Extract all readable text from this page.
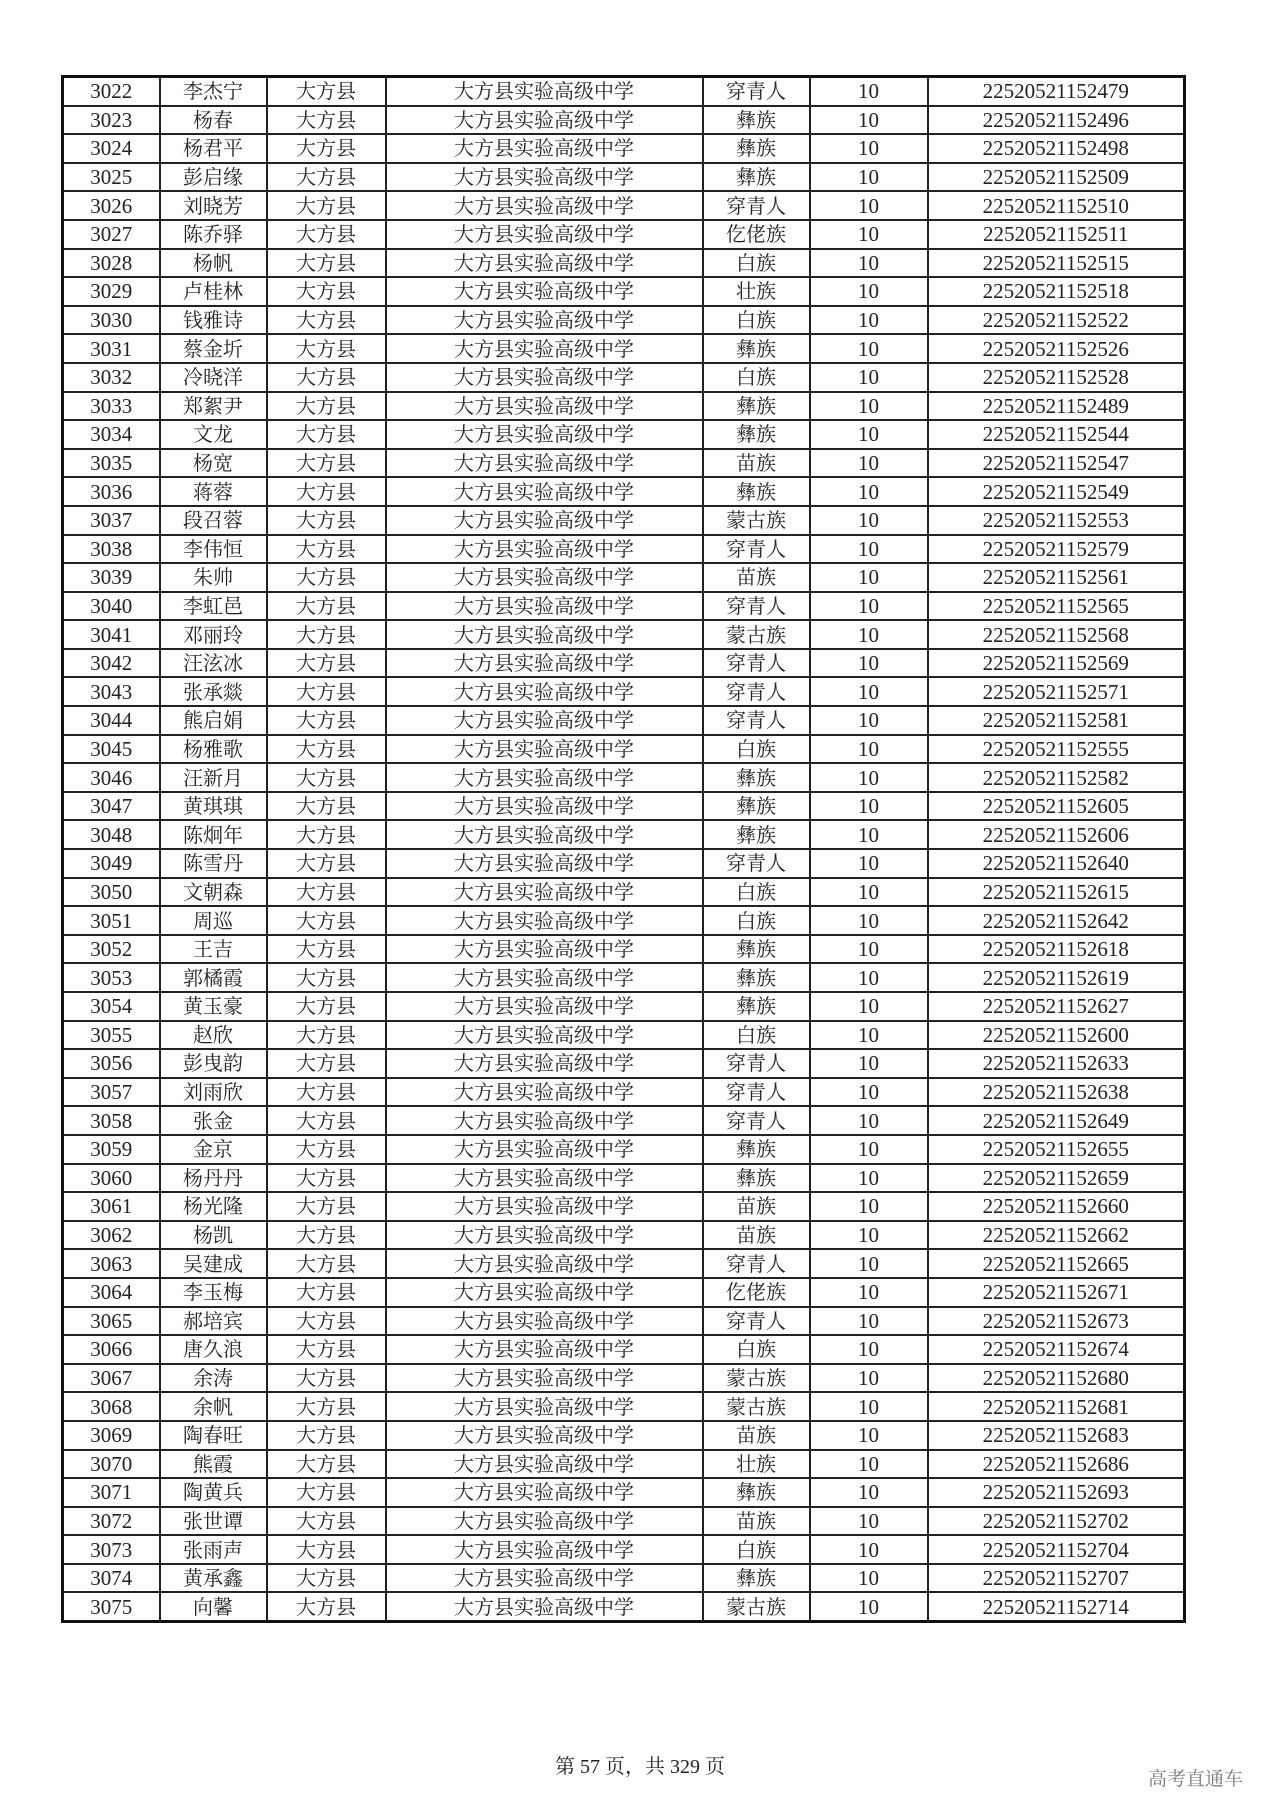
3022	李杰宁	大方县	大方县实验高级中学	穿青人	10	22520521152479
3023	杨春	大方县	大方县实验高级中学	彝族	10	22520521152496
3024	杨君平	大方县	大方县实验高级中学	彝族	10	22520521152498
3025	彭启缘	大方县	大方县实验高级中学	彝族	10	22520521152509
3026	刘晓芳	大方县	大方县实验高级中学	穿青人	10	22520521152510
3027	陈乔驿	大方县	大方县实验高级中学	仡佬族	10	22520521152511
3028	杨帆	大方县	大方县实验高级中学	白族	10	22520521152515
3029	卢桂林	大方县	大方县实验高级中学	壮族	10	22520521152518
3030	钱雅诗	大方县	大方县实验高级中学	白族	10	22520521152522
3031	蔡金圻	大方县	大方县实验高级中学	彝族	10	22520521152526
3032	冷晓洋	大方县	大方县实验高级中学	白族	10	22520521152528
3033	郑絮尹	大方县	大方县实验高级中学	彝族	10	22520521152489
3034	文龙	大方县	大方县实验高级中学	彝族	10	22520521152544
3035	杨宽	大方县	大方县实验高级中学	苗族	10	22520521152547
3036	蒋蓉	大方县	大方县实验高级中学	彝族	10	22520521152549
3037	段召蓉	大方县	大方县实验高级中学	蒙古族	10	22520521152553
3038	李伟恒	大方县	大方县实验高级中学	穿青人	10	22520521152579
3039	朱帅	大方县	大方县实验高级中学	苗族	10	22520521152561
3040	李虹邑	大方县	大方县实验高级中学	穿青人	10	22520521152565
3041	邓丽玲	大方县	大方县实验高级中学	蒙古族	10	22520521152568
3042	汪泫冰	大方县	大方县实验高级中学	穿青人	10	22520521152569
3043	张承燚	大方县	大方县实验高级中学	穿青人	10	22520521152571
3044	熊启娟	大方县	大方县实验高级中学	穿青人	10	22520521152581
3045	杨雅歌	大方县	大方县实验高级中学	白族	10	22520521152555
3046	汪新月	大方县	大方县实验高级中学	彝族	10	22520521152582
3047	黄琪琪	大方县	大方县实验高级中学	彝族	10	22520521152605
3048	陈炯年	大方县	大方县实验高级中学	彝族	10	22520521152606
3049	陈雪丹	大方县	大方县实验高级中学	穿青人	10	22520521152640
3050	文朝森	大方县	大方县实验高级中学	白族	10	22520521152615
3051	周巡	大方县	大方县实验高级中学	白族	10	22520521152642
3052	王吉	大方县	大方县实验高级中学	彝族	10	22520521152618
3053	郭橘霞	大方县	大方县实验高级中学	彝族	10	22520521152619
3054	黄玉豪	大方县	大方县实验高级中学	彝族	10	22520521152627
3055	赵欣	大方县	大方县实验高级中学	白族	10	22520521152600
3056	彭曳韵	大方县	大方县实验高级中学	穿青人	10	22520521152633
3057	刘雨欣	大方县	大方县实验高级中学	穿青人	10	22520521152638
3058	张金	大方县	大方县实验高级中学	穿青人	10	22520521152649
3059	金京	大方县	大方县实验高级中学	彝族	10	22520521152655
3060	杨丹丹	大方县	大方县实验高级中学	彝族	10	22520521152659
3061	杨光隆	大方县	大方县实验高级中学	苗族	10	22520521152660
3062	杨凯	大方县	大方县实验高级中学	苗族	10	22520521152662
3063	吴建成	大方县	大方县实验高级中学	穿青人	10	22520521152665
3064	李玉梅	大方县	大方县实验高级中学	仡佬族	10	22520521152671
3065	郝培宾	大方县	大方县实验高级中学	穿青人	10	22520521152673
3066	唐久浪	大方县	大方县实验高级中学	白族	10	22520521152674
3067	余涛	大方县	大方县实验高级中学	蒙古族	10	22520521152680
3068	余帆	大方县	大方县实验高级中学	蒙古族	10	22520521152681
3069	陶春旺	大方县	大方县实验高级中学	苗族	10	22520521152683
3070	熊霞	大方县	大方县实验高级中学	壮族	10	22520521152686
3071	陶黄兵	大方县	大方县实验高级中学	彝族	10	22520521152693
3072	张世谭	大方县	大方县实验高级中学	苗族	10	22520521152702
3073	张雨声	大方县	大方县实验高级中学	白族	10	22520521152704
3074	黄承鑫	大方县	大方县实验高级中学	彝族	10	22520521152707
3075	向馨	大方县	大方县实验高级中学	蒙古族	10	22520521152714
第 57 页，共 329 页
高考直通车
